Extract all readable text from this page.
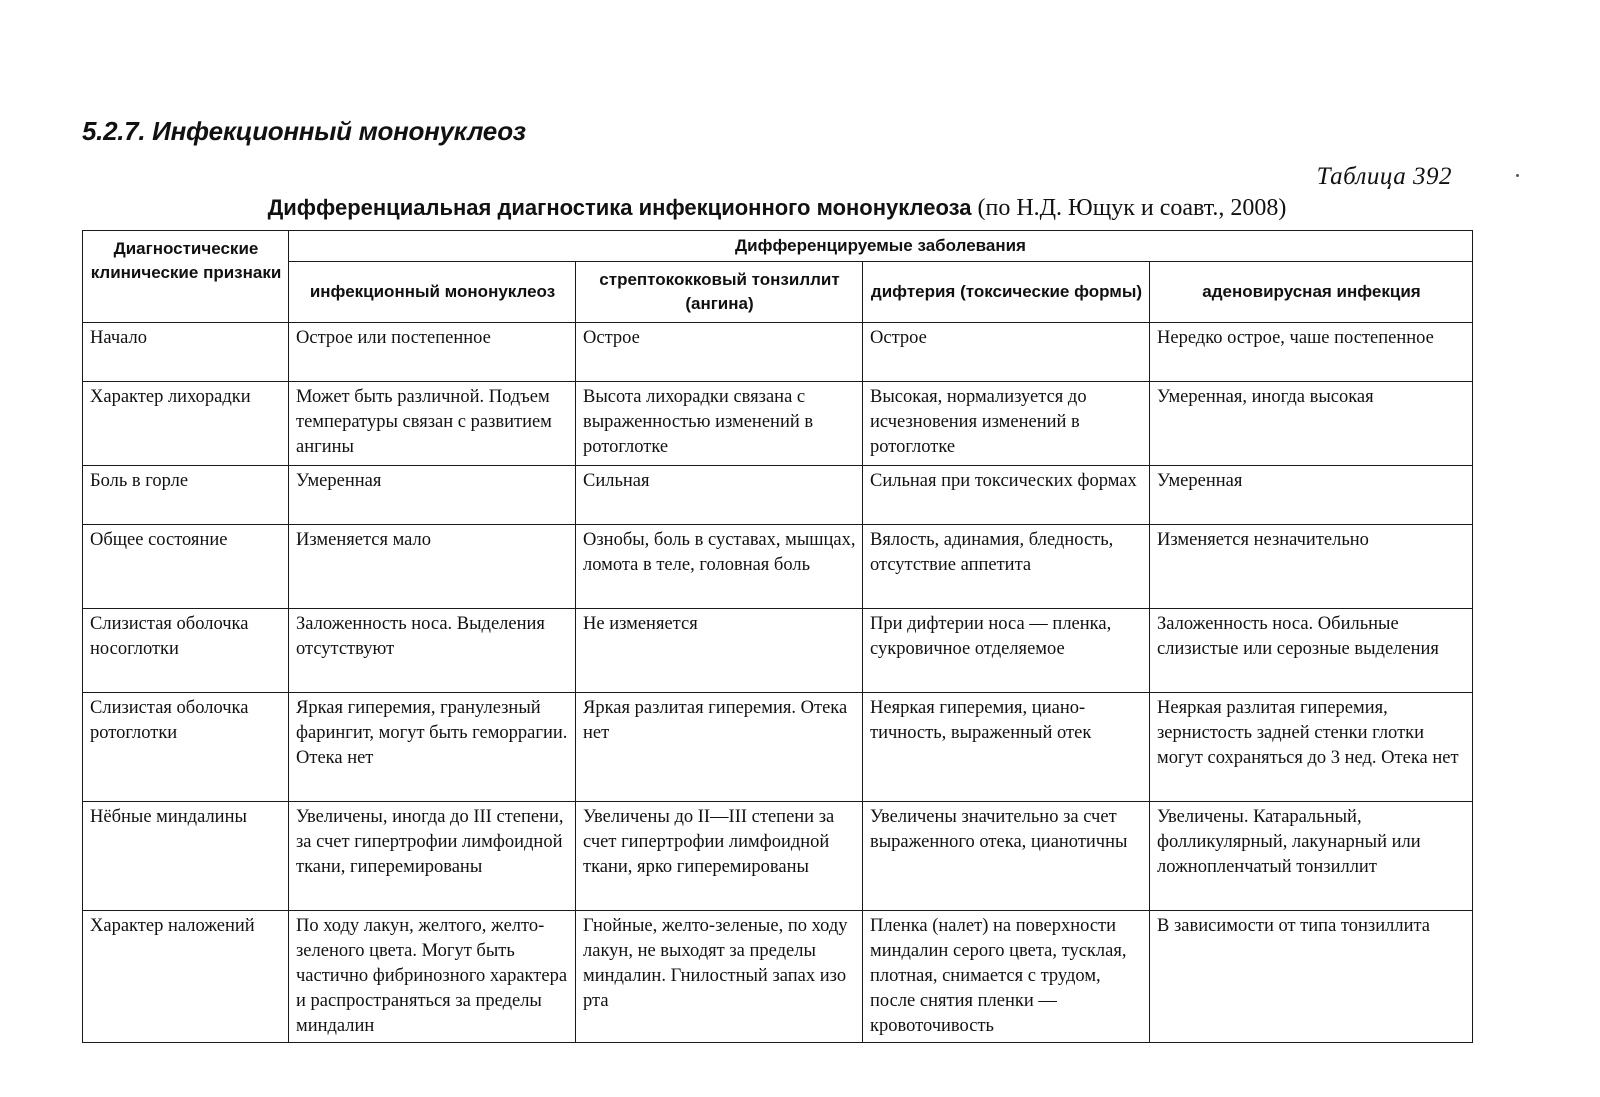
5.2.7. Инфекционный мононуклеоз
Таблица 392
Дифференциальная диагностика инфекционного мононуклеоза (по Н.Д. Ющук и соавт., 2008)
Диагностические клинические признаки	Дифференцируемые заболевания			
	инфекционный мононуклеоз	стрептококковый тонзиллит (ангина)	дифтерия (токсические формы)	аденовирусная инфекция
Начало	Острое или постепенное	Острое	Острое	Нередко острое, чаше постепенное
Характер лихорадки	Может быть различной. Подъем температуры связан с развитием ангины	Высота лихорадки связана с выраженностью изменений в ротоглотке	Высокая, нормализуется до исчезновения изменений в ротоглотке	Умеренная, иногда высокая
Боль в горле	Умеренная	Сильная	Сильная при токсических формах	Умеренная
Общее состояние	Изменяется мало	Ознобы, боль в суставах, мышцах, ломота в теле, головная боль	Вялость, адинамия, бледность, отсутствие аппетита	Изменяется незначительно
Слизистая оболочка носоглотки	Заложенность носа. Выделения отсутствуют	Не изменяется	При дифтерии носа — пленка, сукровичное отделяемое	Заложенность носа. Обильные слизистые или серозные выделения
Слизистая оболочка ротоглотки	Яркая гиперемия, гранулезный фарингит, могут быть геморрагии. Отека нет	Яркая разлитая гиперемия. Отека нет	Неяркая гиперемия, цианотичность, выраженный отек	Неяркая разлитая гиперемия, зернистость задней стенки глотки могут сохраняться до 3 нед. Отека нет
Нёбные миндалины	Увеличены, иногда до III степени, за счет гипертрофии лимфоидной ткани, гиперемированы	Увеличены до II—III степени за счет гипертрофии лимфоидной ткани, ярко гиперемированы	Увеличены значительно за счет выраженного отека, цианотичны	Увеличены. Катаральный, фолликулярный, лакунарный или ложнопленчатый тонзиллит
Характер наложений	По ходу лакун, желтого, желто-зеленого цвета. Могут быть частично фибринозного характера и распространяться за пределы миндалин	Гнойные, желто-зеленые, по ходу лакун, не выходят за пределы миндалин. Гнилостный запах изо рта	Пленка (налет) на поверхности миндалин серого цвета, тусклая, плотная, снимается с трудом, после снятия пленки — кровоточивость	В зависимости от типа тонзиллита
